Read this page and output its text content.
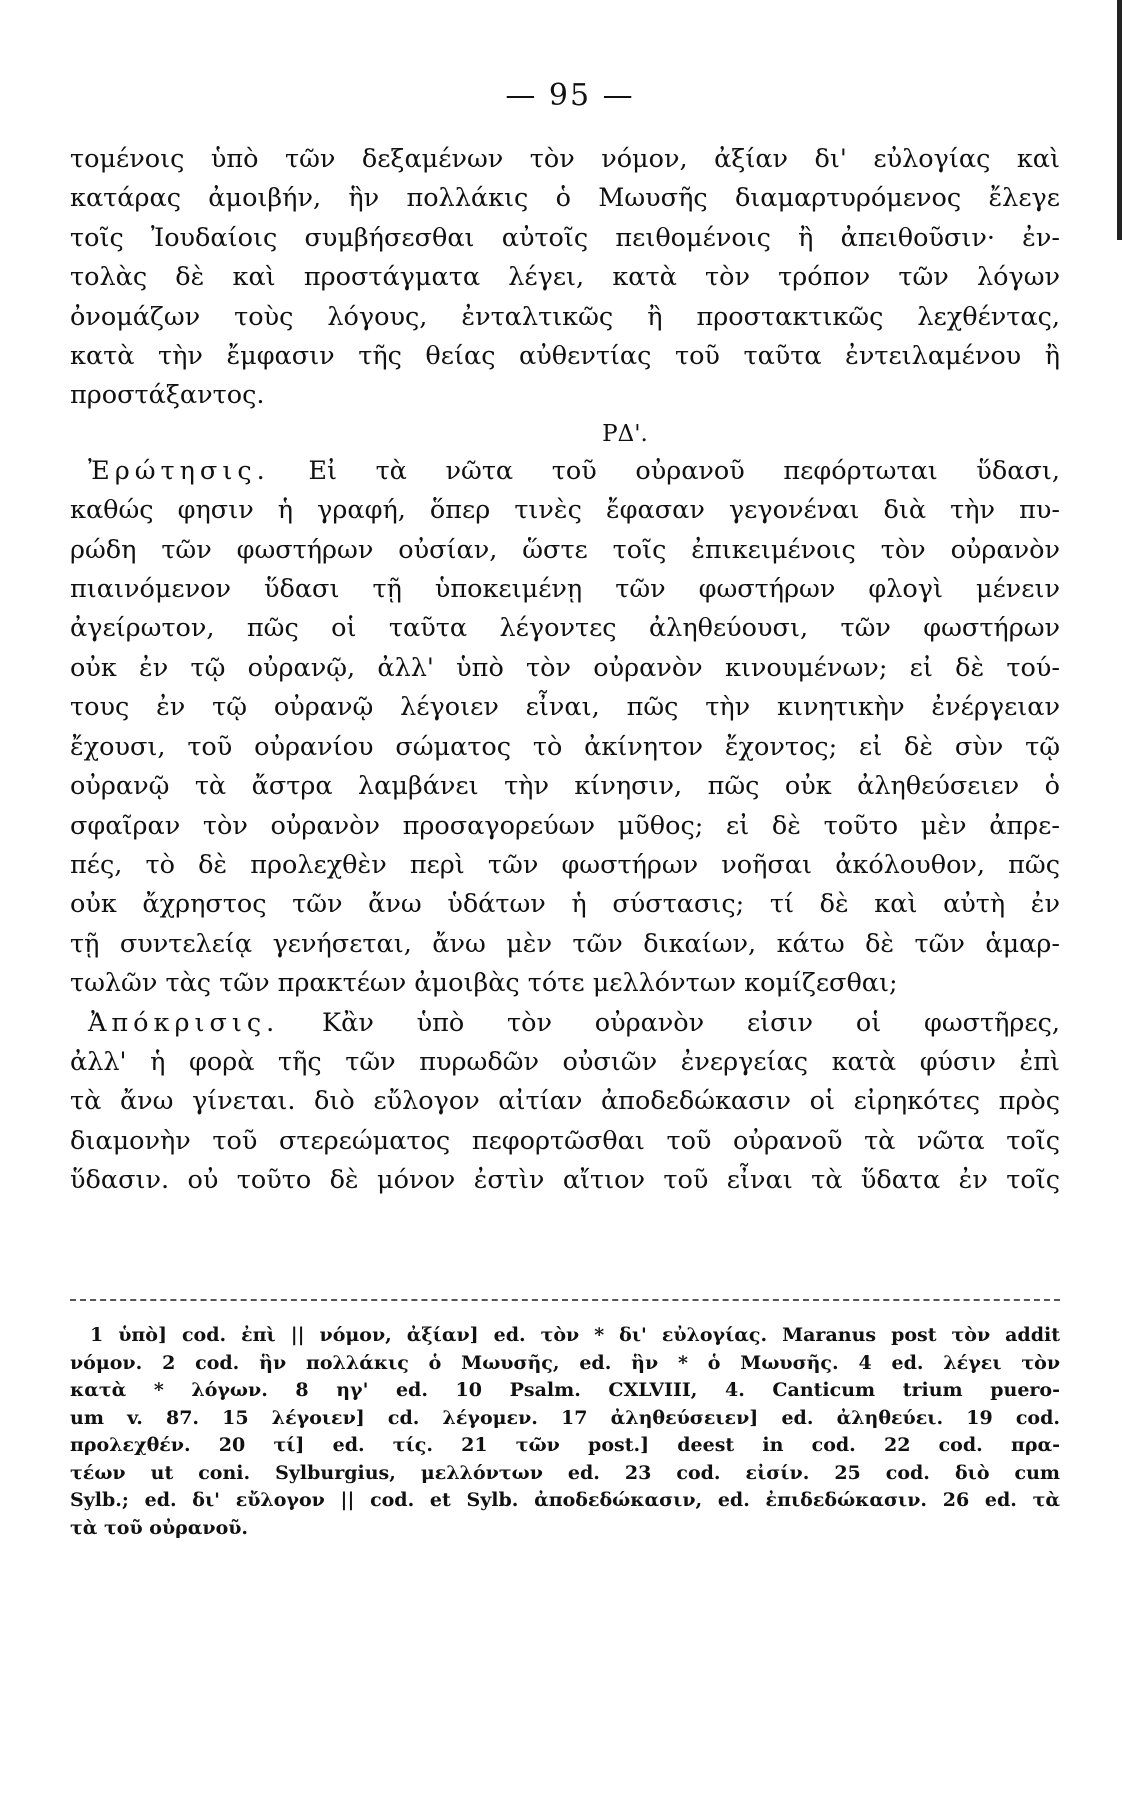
— 95 —
τομένοις ὑπὸ τῶν δεξαμένων τὸν νόμον, ἀξίαν δι' εὐλογίας καὶ
κατάρας ἀμοιβήν, ἣν πολλάκις ὁ Μωυσῆς διαμαρτυρόμενος ἔλεγε
τοῖς Ἰουδαίοις συμβήσεσθαι αὐτοῖς πειθομένοις ἢ ἀπειθοῦσιν· ἐν-
τολὰς δὲ καὶ προστάγματα λέγει, κατὰ τὸν τρόπον τῶν λόγων
ὀνομάζων τοὺς λόγους, ἐνταλτικῶς ἢ προστακτικῶς λεχθέντας,
κατὰ τὴν ἔμφασιν τῆς θείας αὐθεντίας τοῦ ταῦτα ἐντειλαμένου ἢ
προστάξαντος.
ΡΔ'.
Ἐρώτησις. Εἰ τὰ νῶτα τοῦ οὐρανοῦ πεφόρτωται ὕδασι,
καθώς φησιν ἡ γραφή, ὅπερ τινὲς ἔφασαν γεγονέναι διὰ τὴν πυ-
ρώδη τῶν φωστήρων οὐσίαν, ὥστε τοῖς ἐπικειμένοις τὸν οὐρανὸν
πιαινόμενον ὕδασι τῇ ὑποκειμένῃ τῶν φωστήρων φλογὶ μένειν
ἀγείρωτον, πῶς οἱ ταῦτα λέγοντες ἀληθεύουσι, τῶν φωστήρων
οὐκ ἐν τῷ οὐρανῷ, ἀλλ' ὑπὸ τὸν οὐρανὸν κινουμένων; εἰ δὲ τού-
τους ἐν τῷ οὐρανῷ λέγοιεν εἶναι, πῶς τὴν κινητικὴν ἐνέργειαν
ἔχουσι, τοῦ οὐρανίου σώματος τὸ ἀκίνητον ἔχοντος; εἰ δὲ σὺν τῷ
οὐρανῷ τὰ ἄστρα λαμβάνει τὴν κίνησιν, πῶς οὐκ ἀληθεύσειεν ὁ
σφαῖραν τὸν οὐρανὸν προσαγορεύων μῦθος; εἰ δὲ τοῦτο μὲν ἀπρε-
πές, τὸ δὲ προλεχθὲν περὶ τῶν φωστήρων νοῆσαι ἀκόλουθον, πῶς
οὐκ ἄχρηστος τῶν ἄνω ὑδάτων ἡ σύστασις; τί δὲ καὶ αὐτὴ ἐν
τῇ συντελείᾳ γενήσεται, ἄνω μὲν τῶν δικαίων, κάτω δὲ τῶν ἁμαρ-
τωλῶν τὰς τῶν πρακτέων ἀμοιβὰς τότε μελλόντων κομίζεσθαι;
Ἀπόκρισις. Κἂν ὑπὸ τὸν οὐρανὸν εἰσιν οἱ φωστῆρες,
ἀλλ' ἡ φορὰ τῆς τῶν πυρωδῶν οὐσιῶν ἐνεργείας κατὰ φύσιν ἐπὶ
τὰ ἄνω γίνεται. διὸ εὔλογον αἰτίαν ἀποδεδώκασιν οἱ εἰρηκότες πρὸς
διαμονὴν τοῦ στερεώματος πεφορτῶσθαι τοῦ οὐρανοῦ τὰ νῶτα τοῖς
ὕδασιν. οὐ τοῦτο δὲ μόνον ἐστὶν αἴτιον τοῦ εἶναι τὰ ὕδατα ἐν τοῖς
1 ὑπὸ] cod. ἐπὶ || νόμον, ἀξίαν] ed. τὸν * δι' εὐλογίας. Maranus post τὸν addit
νόμον. 2 cod. ἣν πολλάκις ὁ Μωυσῆς, ed. ἣν * ὁ Μωυσῆς. 4 ed. λέγει τὸν
κατὰ * λόγων. 8 ηγ' ed. 10 Psalm. CXLVIII, 4. Canticum trium puero-
um v. 87. 15 λέγοιεν] cd. λέγομεν. 17 ἀληθεύσειεν] ed. ἀληθεύει. 19 cod.
προλεχθέν. 20 τί] ed. τίς. 21 τῶν post.] deest in cod. 22 cod. πρα-
τέων ut coni. Sylburgius, μελλόντων ed. 23 cod. εἰσίν. 25 cod. διὸ cum
Sylb.; ed. δι' εὔλογον || cod. et Sylb. ἀποδεδώκασιν, ed. ἐπιδεδώκασιν. 26 ed. τὰ
τὰ τοῦ οὐρανοῦ.
